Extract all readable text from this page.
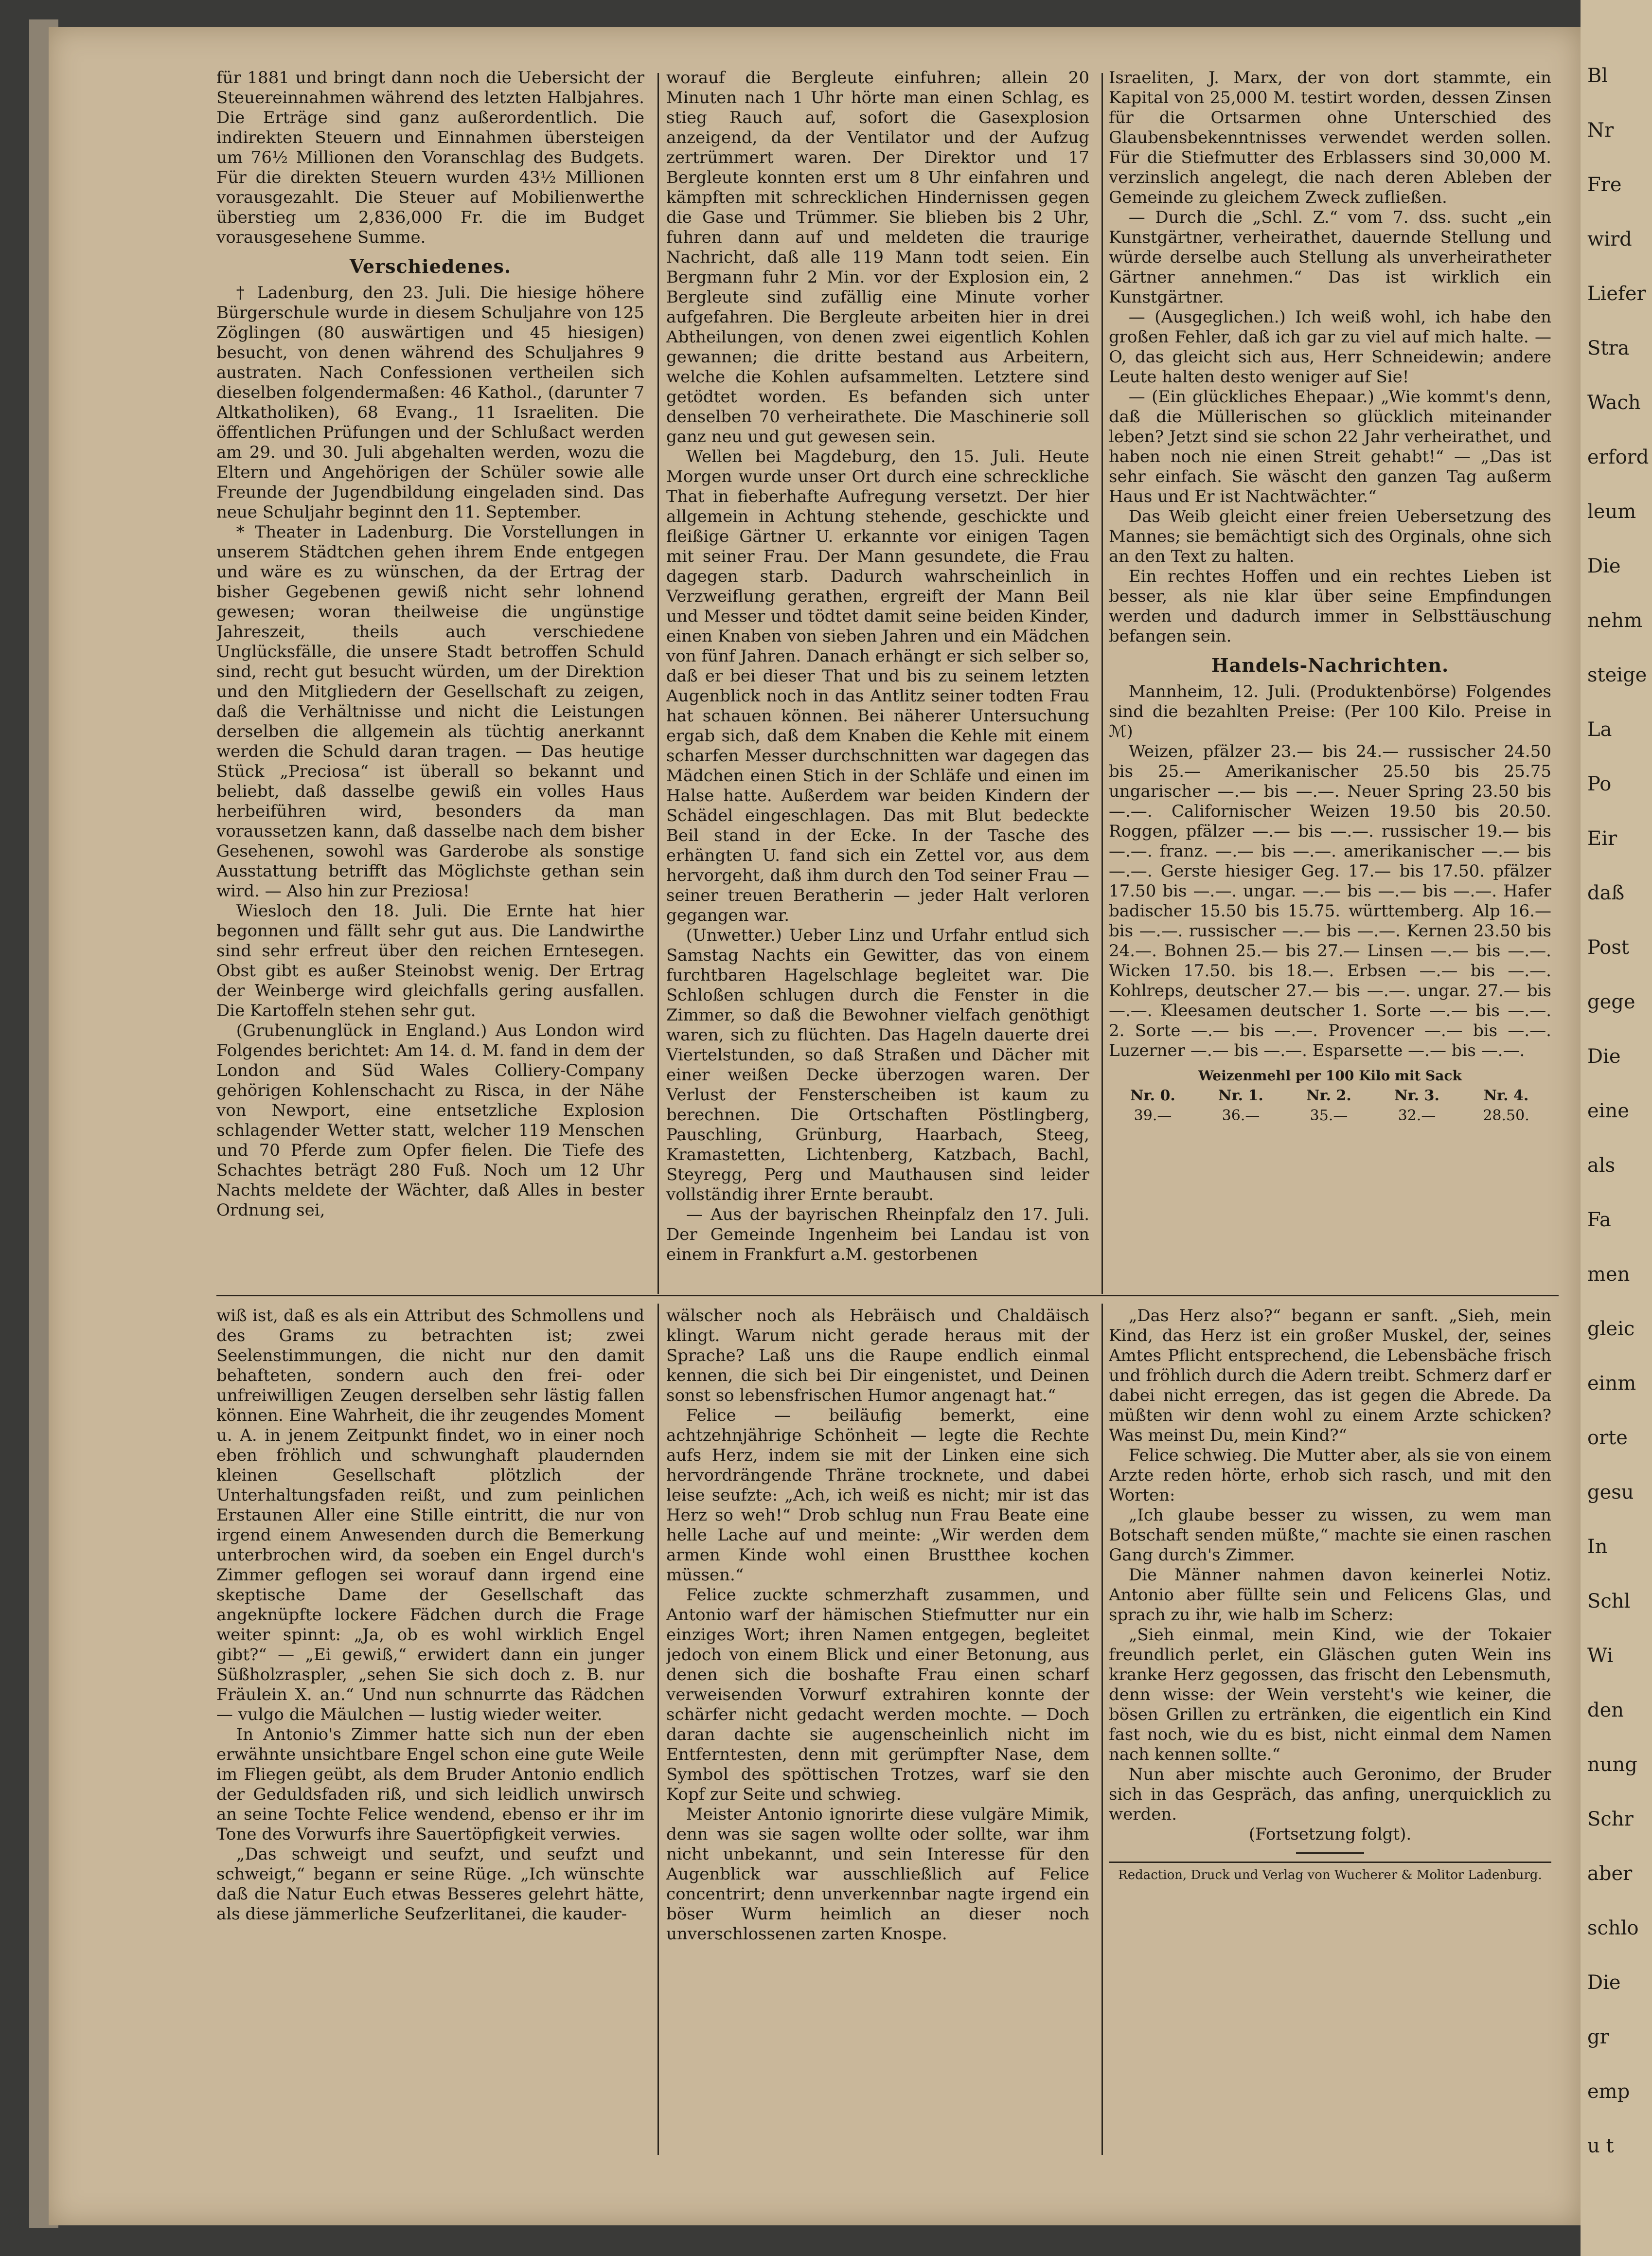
für 1881 und bringt dann noch die Uebersicht der Steuereinnahmen während des letzten Halbjahres. Die Erträge sind ganz außerordentlich. Die indirekten Steuern und Einnahmen übersteigen um 76½ Millionen den Voranschlag des Budgets. Für die direkten Steuern wurden 43½ Millionen vorausgezahlt. Die Steuer auf Mobilienwerthe überstieg um 2,836,000 Fr. die im Budget vorausgesehene Summe.

Verschiedenes.

† Ladenburg, den 23. Juli. Die hiesige höhere Bürgerschule wurde in diesem Schuljahre von 125 Zöglingen (80 auswärtigen und 45 hiesigen) besucht, von denen während des Schuljahres 9 austraten. Nach Confessionen vertheilen sich dieselben folgendermaßen: 46 Kathol., (darunter 7 Altkatholiken), 68 Evang., 11 Israeliten. Die öffentlichen Prüfungen und der Schlußact werden am 29. und 30. Juli abgehalten werden, wozu die Eltern und Angehörigen der Schüler sowie alle Freunde der Jugendbildung eingeladen sind. Das neue Schuljahr beginnt den 11. September.

* Theater in Ladenburg. Die Vorstellungen in unserem Städtchen gehen ihrem Ende entgegen und wäre es zu wünschen, da der Ertrag der bisher Gegebenen gewiß nicht sehr lohnend gewesen; woran theilweise die ungünstige Jahreszeit, theils auch verschiedene Unglücksfälle, die unsere Stadt betroffen Schuld sind, recht gut besucht würden, um der Direktion und den Mitgliedern der Gesellschaft zu zeigen, daß die Verhältnisse und nicht die Leistungen derselben die allgemein als tüchtig anerkannt werden die Schuld daran tragen. — Das heutige Stück „Preciosa“ ist überall so bekannt und beliebt, daß dasselbe gewiß ein volles Haus herbeiführen wird, besonders da man voraussetzen kann, daß dasselbe nach dem bisher Gesehenen, sowohl was Garderobe als sonstige Ausstattung betrifft das Möglichste gethan sein wird. — Also hin zur Preziosa!

Wiesloch den 18. Juli. Die Ernte hat hier begonnen und fällt sehr gut aus. Die Landwirthe sind sehr erfreut über den reichen Erntesegen. Obst gibt es außer Steinobst wenig. Der Ertrag der Weinberge wird gleichfalls gering ausfallen. Die Kartoffeln stehen sehr gut.

(Grubenunglück in England.) Aus London wird Folgendes berichtet: Am 14. d. M. fand in dem der London and Süd Wales Colliery-Company gehörigen Kohlenschacht zu Risca, in der Nähe von Newport, eine entsetzliche Explosion schlagender Wetter statt, welcher 119 Menschen und 70 Pferde zum Opfer fielen. Die Tiefe des Schachtes beträgt 280 Fuß. Noch um 12 Uhr Nachts meldete der Wächter, daß Alles in bester Ordnung sei,

worauf die Bergleute einfuhren; allein 20 Minuten nach 1 Uhr hörte man einen Schlag, es stieg Rauch auf, sofort die Gasexplosion anzeigend, da der Ventilator und der Aufzug zertrümmert waren. Der Direktor und 17 Bergleute konnten erst um 8 Uhr einfahren und kämpften mit schrecklichen Hindernissen gegen die Gase und Trümmer. Sie blieben bis 2 Uhr, fuhren dann auf und meldeten die traurige Nachricht, daß alle 119 Mann todt seien. Ein Bergmann fuhr 2 Min. vor der Explosion ein, 2 Bergleute sind zufällig eine Minute vorher aufgefahren. Die Bergleute arbeiten hier in drei Abtheilungen, von denen zwei eigentlich Kohlen gewannen; die dritte bestand aus Arbeitern, welche die Kohlen aufsammelten. Letztere sind getödtet worden. Es befanden sich unter denselben 70 verheirathete. Die Maschinerie soll ganz neu und gut gewesen sein.

Wellen bei Magdeburg, den 15. Juli. Heute Morgen wurde unser Ort durch eine schreckliche That in fieberhafte Aufregung versetzt. Der hier allgemein in Achtung stehende, geschickte und fleißige Gärtner U. erkannte vor einigen Tagen mit seiner Frau. Der Mann gesundete, die Frau dagegen starb. Dadurch wahrscheinlich in Verzweiflung gerathen, ergreift der Mann Beil und Messer und tödtet damit seine beiden Kinder, einen Knaben von sieben Jahren und ein Mädchen von fünf Jahren. Danach erhängt er sich selber so, daß er bei dieser That und bis zu seinem letzten Augenblick noch in das Antlitz seiner todten Frau hat schauen können. Bei näherer Untersuchung ergab sich, daß dem Knaben die Kehle mit einem scharfen Messer durchschnitten war dagegen das Mädchen einen Stich in der Schläfe und einen im Halse hatte. Außerdem war beiden Kindern der Schädel eingeschlagen. Das mit Blut bedeckte Beil stand in der Ecke. In der Tasche des erhängten U. fand sich ein Zettel vor, aus dem hervorgeht, daß ihm durch den Tod seiner Frau — seiner treuen Beratherin — jeder Halt verloren gegangen war.

(Unwetter.) Ueber Linz und Urfahr entlud sich Samstag Nachts ein Gewitter, das von einem furchtbaren Hagelschlage begleitet war. Die Schloßen schlugen durch die Fenster in die Zimmer, so daß die Bewohner vielfach genöthigt waren, sich zu flüchten. Das Hageln dauerte drei Viertelstunden, so daß Straßen und Dächer mit einer weißen Decke überzogen waren. Der Verlust der Fensterscheiben ist kaum zu berechnen. Die Ortschaften Pöstlingberg, Pauschling, Grünburg, Haarbach, Steeg, Kramastetten, Lichtenberg, Katzbach, Bachl, Steyregg, Perg und Mauthausen sind leider vollständig ihrer Ernte beraubt.

— Aus der bayrischen Rheinpfalz den 17. Juli. Der Gemeinde Ingenheim bei Landau ist von einem in Frankfurt a.M. gestorbenen

Israeliten, J. Marx, der von dort stammte, ein Kapital von 25,000 M. testirt worden, dessen Zinsen für die Ortsarmen ohne Unterschied des Glaubensbekenntnisses verwendet werden sollen. Für die Stiefmutter des Erblassers sind 30,000 M. verzinslich angelegt, die nach deren Ableben der Gemeinde zu gleichem Zweck zufließen.

— Durch die „Schl. Z.“ vom 7. dss. sucht „ein Kunstgärtner, verheirathet, dauernde Stellung und würde derselbe auch Stellung als unverheiratheter Gärtner annehmen.“ Das ist wirklich ein Kunstgärtner.

— (Ausgeglichen.) Ich weiß wohl, ich habe den großen Fehler, daß ich gar zu viel auf mich halte. — O, das gleicht sich aus, Herr Schneidewin; andere Leute halten desto weniger auf Sie!

— (Ein glückliches Ehepaar.) „Wie kommt's denn, daß die Müllerischen so glücklich miteinander leben? Jetzt sind sie schon 22 Jahr verheirathet, und haben noch nie einen Streit gehabt!“ — „Das ist sehr einfach. Sie wäscht den ganzen Tag außerm Haus und Er ist Nachtwächter.“

Das Weib gleicht einer freien Uebersetzung des Mannes; sie bemächtigt sich des Orginals, ohne sich an den Text zu halten.

Ein rechtes Hoffen und ein rechtes Lieben ist besser, als nie klar über seine Empfindungen werden und dadurch immer in Selbsttäuschung befangen sein.

Handels-Nachrichten.

Mannheim, 12. Juli. (Produktenbörse) Folgendes sind die bezahlten Preise: (Per 100 Kilo. Preise in ℳ)

Weizen, pfälzer 23.— bis 24.— russischer 24.50 bis 25.— Amerikanischer 25.50 bis 25.75 ungarischer —.— bis —.—. Neuer Spring 23.50 bis —.—. Californischer Weizen 19.50 bis 20.50. Roggen, pfälzer —.— bis —.—. russischer 19.— bis —.—. franz. —.— bis —.—. amerikanischer —.— bis —.—. Gerste hiesiger Geg. 17.— bis 17.50. pfälzer 17.50 bis —.—. ungar. —.— bis —.— bis —.—. Hafer badischer 15.50 bis 15.75. württemberg. Alp 16.— bis —.—. russischer —.— bis —.—. Kernen 23.50 bis 24.—. Bohnen 25.— bis 27.— Linsen —.— bis —.—. Wicken 17.50. bis 18.—. Erbsen —.— bis —.—. Kohlreps, deutscher 27.— bis —.—. ungar. 27.— bis —.—. Kleesamen deutscher 1. Sorte —.— bis —.—. 2. Sorte —.— bis —.—. Provencer —.— bis —.—. Luzerner —.— bis —.—. Esparsette —.— bis —.—.

Weizenmehl per 100 Kilo mit Sack
Nr. 0.	Nr. 1.	Nr. 2.	Nr. 3.	Nr. 4.
39.—	36.—	35.—	32.—	28.50.

wiß ist, daß es als ein Attribut des Schmollens und des Grams zu betrachten ist; zwei Seelenstimmungen, die nicht nur den damit behafteten, sondern auch den frei- oder unfreiwilligen Zeugen derselben sehr lästig fallen können. Eine Wahrheit, die ihr zeugendes Moment u. A. in jenem Zeitpunkt findet, wo in einer noch eben fröhlich und schwunghaft plaudernden kleinen Gesellschaft plötzlich der Unterhaltungsfaden reißt, und zum peinlichen Erstaunen Aller eine Stille eintritt, die nur von irgend einem Anwesenden durch die Bemerkung unterbrochen wird, da soeben ein Engel durch's Zimmer geflogen sei worauf dann irgend eine skeptische Dame der Gesellschaft das angeknüpfte lockere Fädchen durch die Frage weiter spinnt: „Ja, ob es wohl wirklich Engel gibt?“ — „Ei gewiß,“ erwidert dann ein junger Süßholzraspler, „sehen Sie sich doch z. B. nur Fräulein X. an.“ Und nun schnurrte das Rädchen — vulgo die Mäulchen — lustig wieder weiter.

In Antonio's Zimmer hatte sich nun der eben erwähnte unsichtbare Engel schon eine gute Weile im Fliegen geübt, als dem Bruder Antonio endlich der Geduldsfaden riß, und sich leidlich unwirsch an seine Tochte Felice wendend, ebenso er ihr im Tone des Vorwurfs ihre Sauertöpfigkeit verwies.

„Das schweigt und seufzt, und seufzt und schweigt,“ begann er seine Rüge. „Ich wünschte daß die Natur Euch etwas Besseres gelehrt hätte, als diese jämmerliche Seufzerlitanei, die kauder-

wälscher noch als Hebräisch und Chaldäisch klingt. Warum nicht gerade heraus mit der Sprache? Laß uns die Raupe endlich einmal kennen, die sich bei Dir eingenistet, und Deinen sonst so lebensfrischen Humor angenagt hat.“

Felice — beiläufig bemerkt, eine achtzehnjährige Schönheit — legte die Rechte aufs Herz, indem sie mit der Linken eine sich hervordrängende Thräne trocknete, und dabei leise seufzte: „Ach, ich weiß es nicht; mir ist das Herz so weh!“ Drob schlug nun Frau Beate eine helle Lache auf und meinte: „Wir werden dem armen Kinde wohl einen Brustthee kochen müssen.“

Felice zuckte schmerzhaft zusammen, und Antonio warf der hämischen Stiefmutter nur ein einziges Wort; ihren Namen entgegen, begleitet jedoch von einem Blick und einer Betonung, aus denen sich die boshafte Frau einen scharf verweisenden Vorwurf extrahiren konnte der schärfer nicht gedacht werden mochte. — Doch daran dachte sie augenscheinlich nicht im Entferntesten, denn mit gerümpfter Nase, dem Symbol des spöttischen Trotzes, warf sie den Kopf zur Seite und schwieg.

Meister Antonio ignorirte diese vulgäre Mimik, denn was sie sagen wollte oder sollte, war ihm nicht unbekannt, und sein Interesse für den Augenblick war ausschließlich auf Felice concentrirt; denn unverkennbar nagte irgend ein böser Wurm heimlich an dieser noch unverschlossenen zarten Knospe.

„Das Herz also?“ begann er sanft. „Sieh, mein Kind, das Herz ist ein großer Muskel, der, seines Amtes Pflicht entsprechend, die Lebensbäche frisch und fröhlich durch die Adern treibt. Schmerz darf er dabei nicht erregen, das ist gegen die Abrede. Da müßten wir denn wohl zu einem Arzte schicken? Was meinst Du, mein Kind?“

Felice schwieg. Die Mutter aber, als sie von einem Arzte reden hörte, erhob sich rasch, und mit den Worten:

„Ich glaube besser zu wissen, zu wem man Botschaft senden müßte,“ machte sie einen raschen Gang durch's Zimmer.

Die Männer nahmen davon keinerlei Notiz. Antonio aber füllte sein und Felicens Glas, und sprach zu ihr, wie halb im Scherz:

„Sieh einmal, mein Kind, wie der Tokaier freundlich perlet, ein Gläschen guten Wein ins kranke Herz gegossen, das frischt den Lebensmuth, denn wisse: der Wein versteht's wie keiner, die bösen Grillen zu ertränken, die eigentlich ein Kind fast noch, wie du es bist, nicht einmal dem Namen nach kennen sollte.“

Nun aber mischte auch Geronimo, der Bruder sich in das Gespräch, das anfing, unerquicklich zu werden.

(Fortsetzung folgt).

Redaction, Druck und Verlag von Wucherer & Molitor Ladenburg.
Bl
Nr
Fre
wird
Liefer
Stra
Wach
erford
leum
Die
nehm
steige
La
Po
Eir
daß
Post
gege
Die
eine
als
Fa
men
gleic
einm
orte
gesu
In
Schl
Wi
den
nung
Schr
aber
schlo
Die
gr
emp
u t
